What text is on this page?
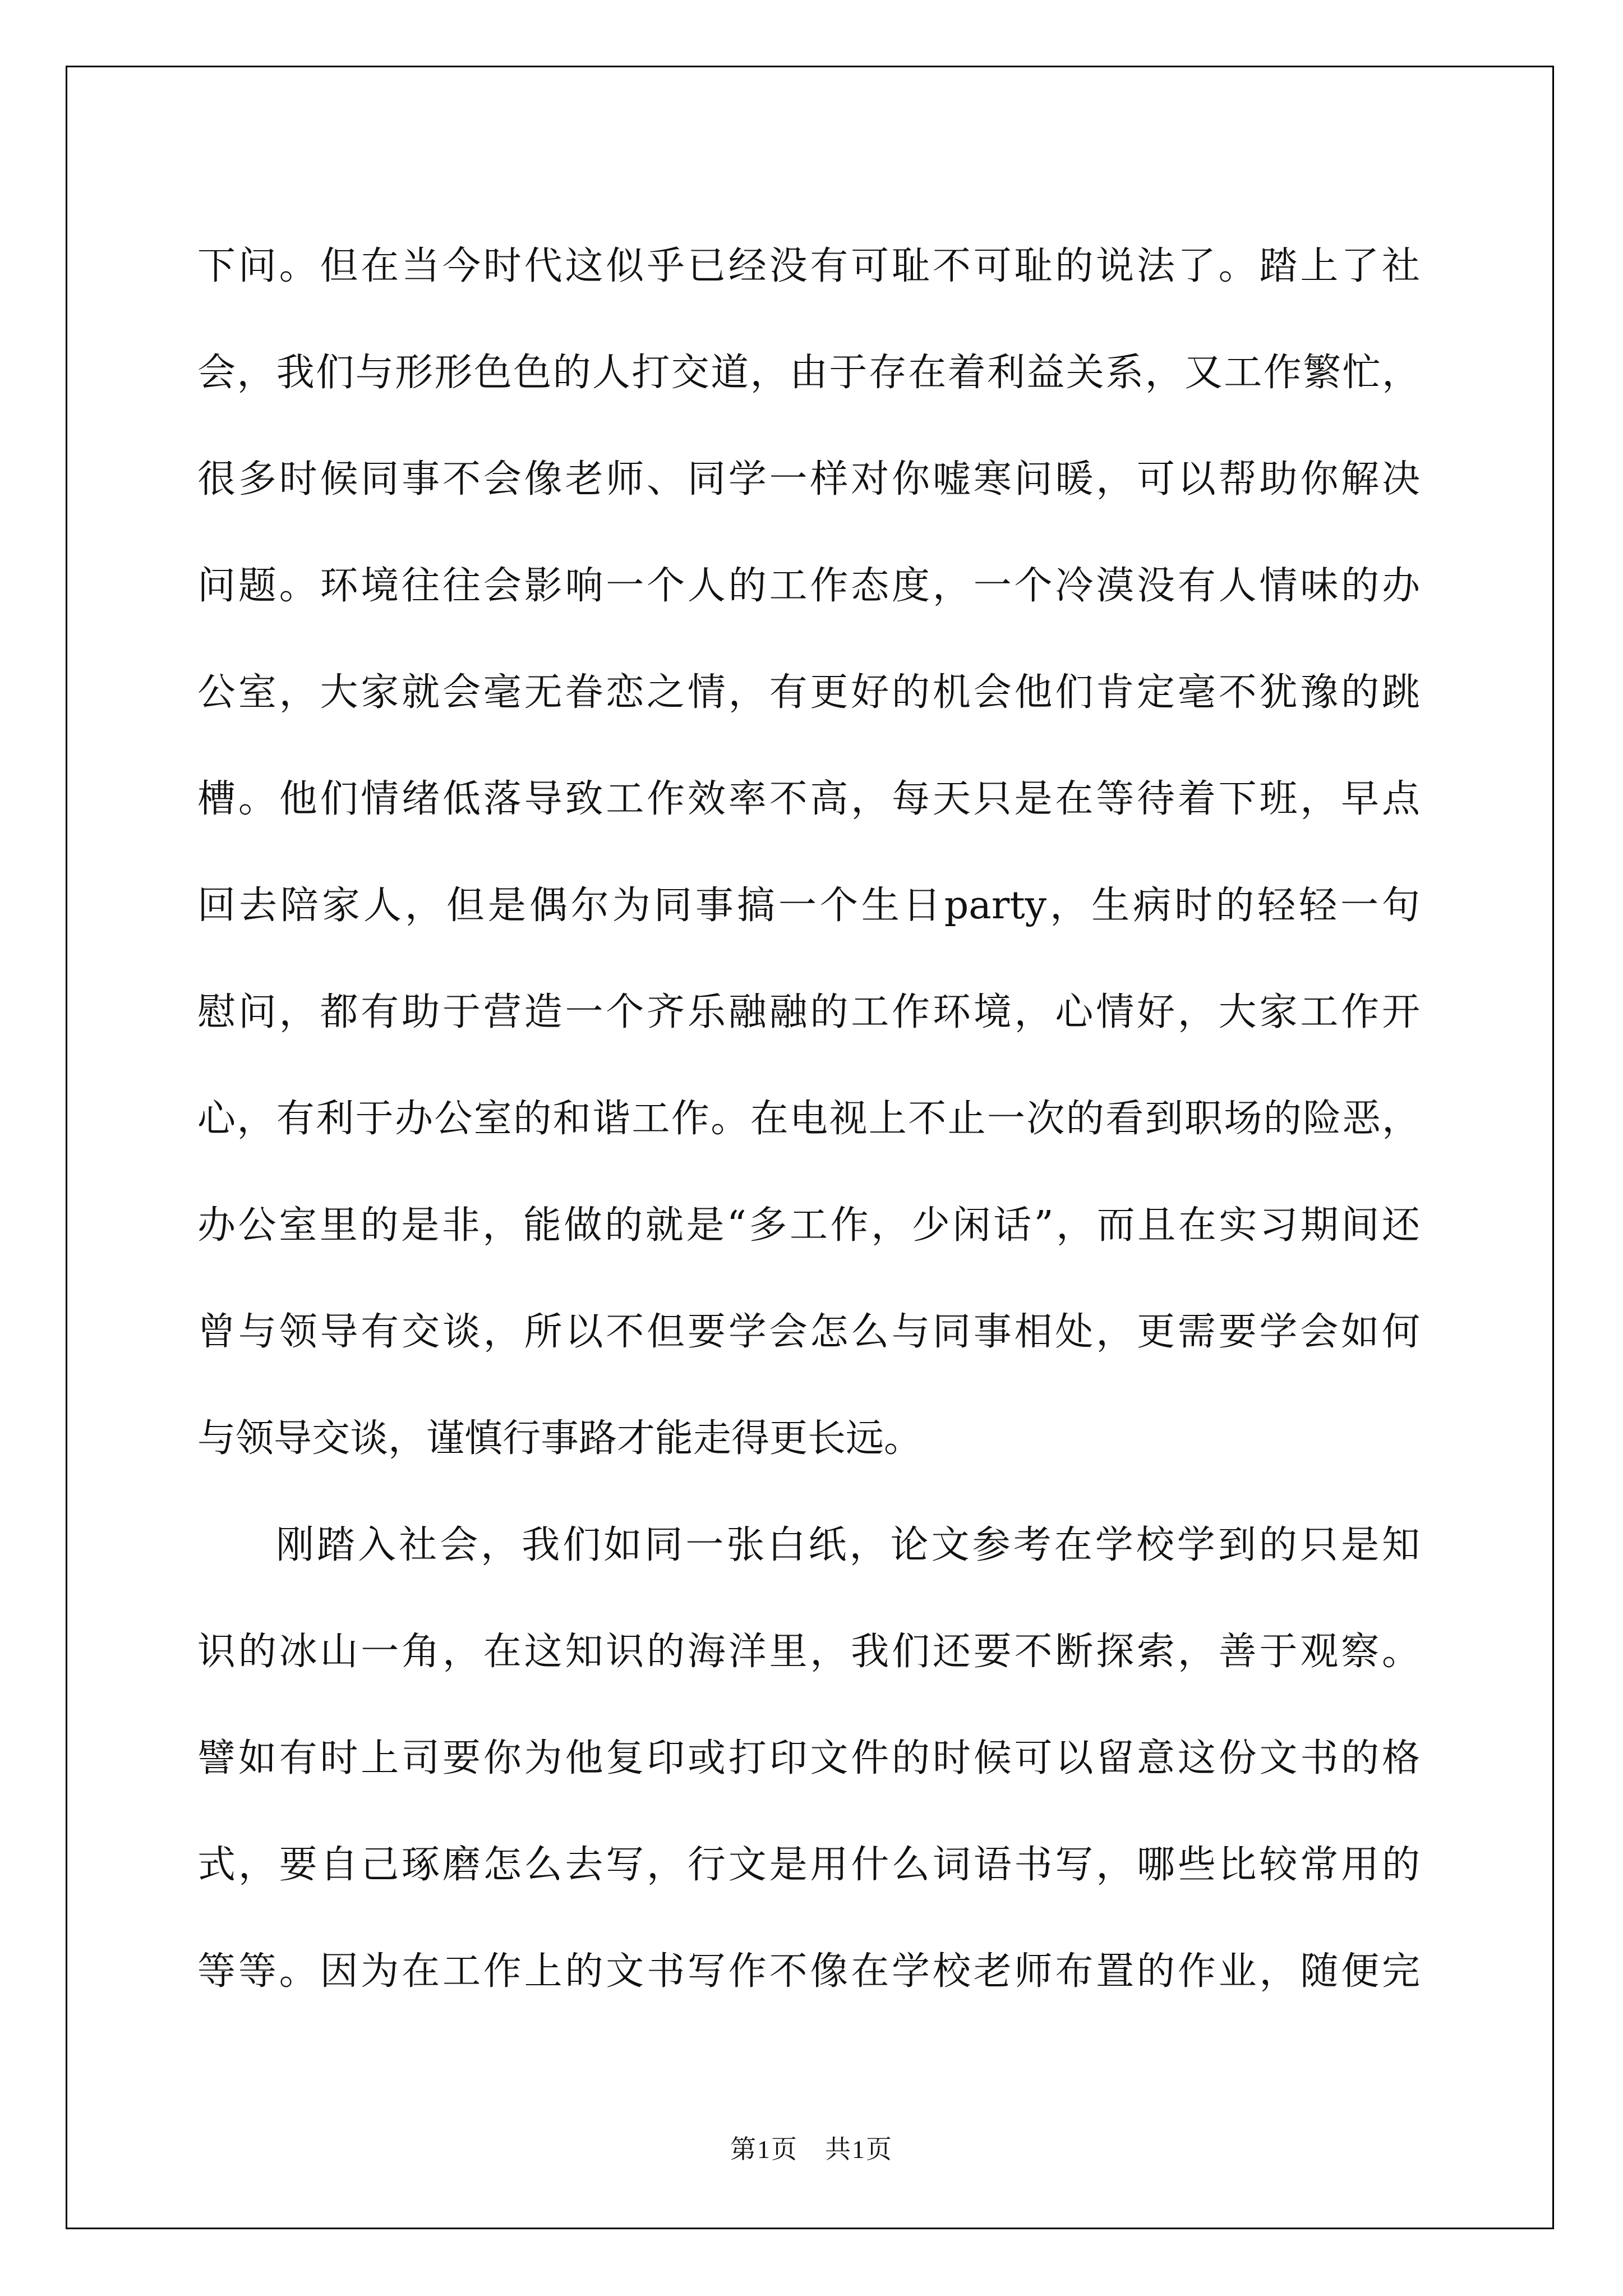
下问。但在当今时代这似乎已经没有可耻不可耻的说法了。踏上了社
会，我们与形形色色的人打交道，由于存在着利益关系，又工作繁忙，
很多时候同事不会像老师、同学一样对你嘘寒问暖，可以帮助你解决
问题。环境往往会影响一个人的工作态度，一个冷漠没有人情味的办
公室，大家就会毫无眷恋之情，有更好的机会他们肯定毫不犹豫的跳
槽。他们情绪低落导致工作效率不高，每天只是在等待着下班，早点
回去陪家人，但是偶尔为同事搞一个生日party，生病时的轻轻一句
慰问，都有助于营造一个齐乐融融的工作环境，心情好，大家工作开
心，有利于办公室的和谐工作。在电视上不止一次的看到职场的险恶，
办公室里的是非，能做的就是“多工作，少闲话”，而且在实习期间还
曾与领导有交谈，所以不但要学会怎么与同事相处，更需要学会如何
与领导交谈，谨慎行事路才能走得更长远。
刚踏入社会，我们如同一张白纸，论文参考在学校学到的只是知
识的冰山一角，在这知识的海洋里，我们还要不断探索，善于观察。
譬如有时上司要你为他复印或打印文件的时候可以留意这份文书的格
式，要自己琢磨怎么去写，行文是用什么词语书写，哪些比较常用的
等等。因为在工作上的文书写作不像在学校老师布置的作业，随便完
第1页　共1页
